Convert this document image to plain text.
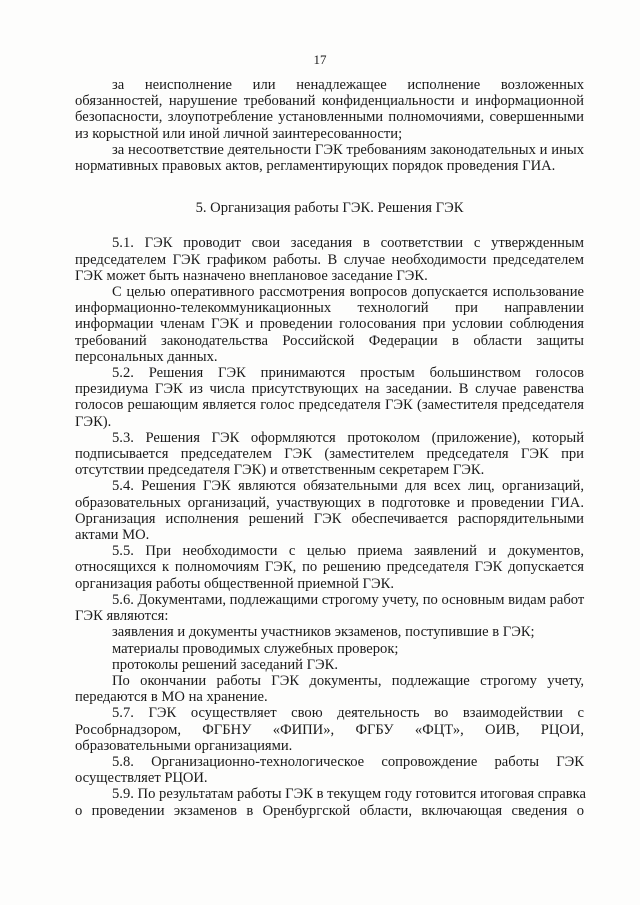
17

за неисполнение или ненадлежащее исполнение возложенных
обязанностей, нарушение требований конфиденциальности и информационной
безопасности, злоупотребление установленными полномочиями, совершенными
из корыстной или иной личной заинтересованности;

за несоответствие деятельности ГЭК требованиям законодательных и иных
нормативных правовых актов, регламентирующих порядок проведения ГИА.

5. Организация работы ГЭК. Решения ГЭК

5.1. ГЭК проводит свои заседания в соответствии с утвержденным
председателем ГЭК графиком работы. В случае необходимости председателем
ГЭК может быть назначено внеплановое заседание ГЭК.

С целью оперативного рассмотрения вопросов допускается использование
информационно-телекоммуникационных технологий при направлении
информации членам ГЭК и проведении голосования при условии соблюдения
требований законодательства Российской Федерации в области защиты
персональных данных.

5.2. Решения ГЭК принимаются простым большинством голосов
президиума ГЭК из числа присутствующих на заседании. В случае равенства
голосов решающим является голос председателя ГЭК (заместителя председателя
ГЭК).

5.3. Решения ГЭК оформляются протоколом (приложение), который
подписывается председателем ГЭК (заместителем председателя ГЭК при
отсутствии председателя ГЭК) и ответственным секретарем ГЭК.

5.4. Решения ГЭК являются обязательными для всех лиц, организаций,
образовательных организаций, участвующих в подготовке и проведении ГИА.
Организация исполнения решений ГЭК обеспечивается распорядительными
актами МО.

5.5. При необходимости с целью приема заявлений и документов,
относящихся к полномочиям ГЭК, по решению председателя ГЭК допускается
организация работы общественной приемной ГЭК.

5.6. Документами, подлежащими строгому учету, по основным видам работ
ГЭК являются:

заявления и документы участников экзаменов, поступившие в ГЭК;

материалы проводимых служебных проверок;

протоколы решений заседаний ГЭК.

По окончании работы ГЭК документы, подлежащие строгому учету,
передаются в МО на хранение.

5.7. ГЭК осуществляет свою деятельность во взаимодействии с
Рособрнадзором, ФГБНУ «ФИПИ», ФГБУ «ФЦТ», ОИВ, РЦОИ,
образовательными организациями.

5.8. Организационно-технологическое сопровождение работы ГЭК
осуществляет РЦОИ.

5.9. По результатам работы ГЭК в текущем году готовится итоговая справка
о проведении экзаменов в Оренбургской области, включающая сведения о
